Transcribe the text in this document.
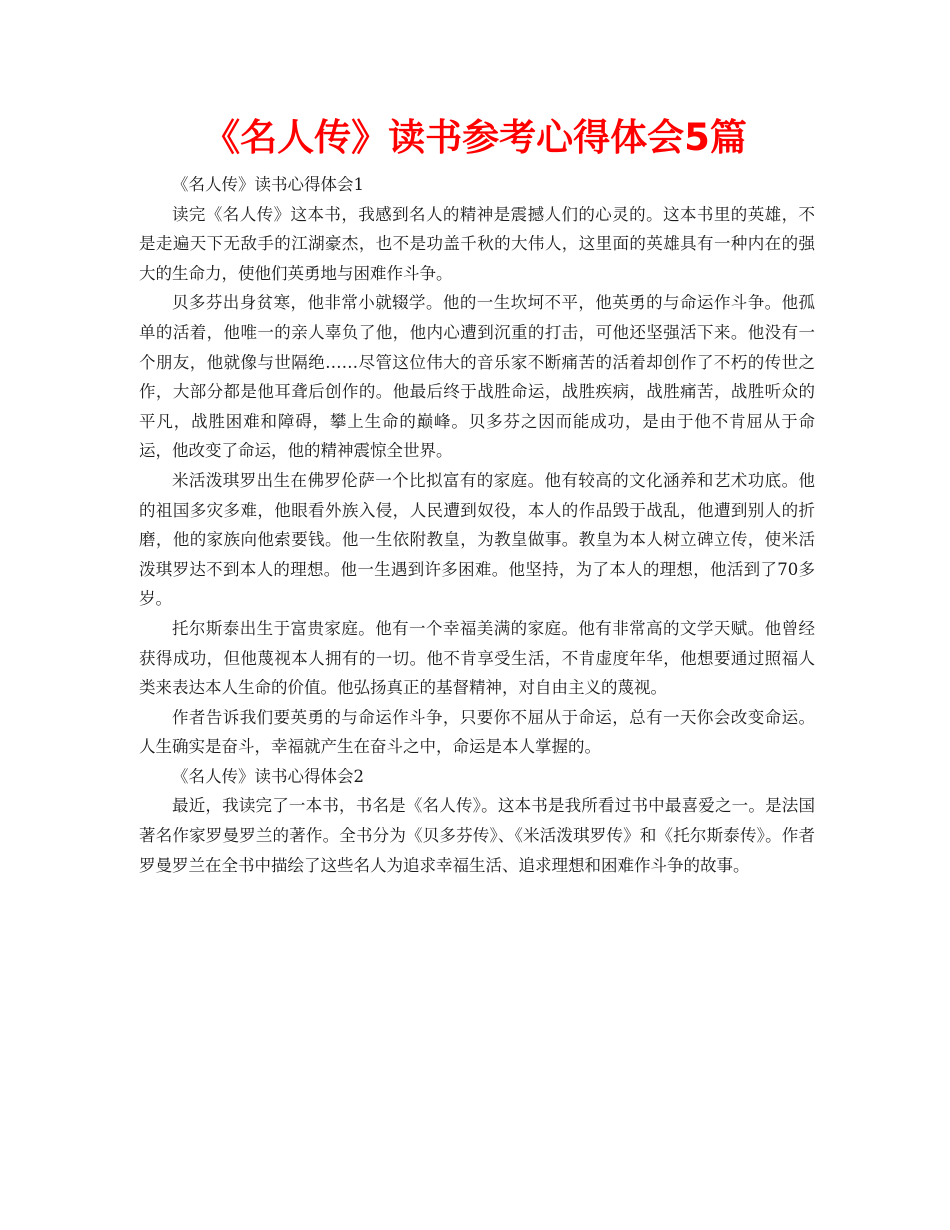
《名人传》读书参考心得体会5篇

《名人传》读书心得体会1

读完《名人传》这本书，我感到名人的精神是震撼人们的心灵的。这本书里的英雄，不是走遍天下无敌手的江湖豪杰，也不是功盖千秋的大伟人，这里面的英雄具有一种内在的强大的生命力，使他们英勇地与困难作斗争。

贝多芬出身贫寒，他非常小就辍学。他的一生坎坷不平，他英勇的与命运作斗争。他孤单的活着，他唯一的亲人辜负了他，他内心遭到沉重的打击，可他还坚强活下来。他没有一个朋友，他就像与世隔绝……尽管这位伟大的音乐家不断痛苦的活着却创作了不朽的传世之作，大部分都是他耳聋后创作的。他最后终于战胜命运，战胜疾病，战胜痛苦，战胜听众的平凡，战胜困难和障碍，攀上生命的巅峰。贝多芬之因而能成功，是由于他不肯屈从于命运，他改变了命运，他的精神震惊全世界。

米活泼琪罗出生在佛罗伦萨一个比拟富有的家庭。他有较高的文化涵养和艺术功底。他的祖国多灾多难，他眼看外族入侵，人民遭到奴役，本人的作品毁于战乱，他遭到别人的折磨，他的家族向他索要钱。他一生依附教皇，为教皇做事。教皇为本人树立碑立传，使米活泼琪罗达不到本人的理想。他一生遇到许多困难。他坚持，为了本人的理想，他活到了70多岁。

托尔斯泰出生于富贵家庭。他有一个幸福美满的家庭。他有非常高的文学天赋。他曾经获得成功，但他蔑视本人拥有的一切。他不肯享受生活，不肯虚度年华，他想要通过照福人类来表达本人生命的价值。他弘扬真正的基督精神，对自由主义的蔑视。

作者告诉我们要英勇的与命运作斗争，只要你不屈从于命运，总有一天你会改变命运。人生确实是奋斗，幸福就产生在奋斗之中，命运是本人掌握的。

《名人传》读书心得体会2

最近，我读完了一本书，书名是《名人传》。这本书是我所看过书中最喜爱之一。是法国著名作家罗曼罗兰的著作。全书分为《贝多芬传》、《米活泼琪罗传》和《托尔斯泰传》。作者罗曼罗兰在全书中描绘了这些名人为追求幸福生活、追求理想和困难作斗争的故事。
